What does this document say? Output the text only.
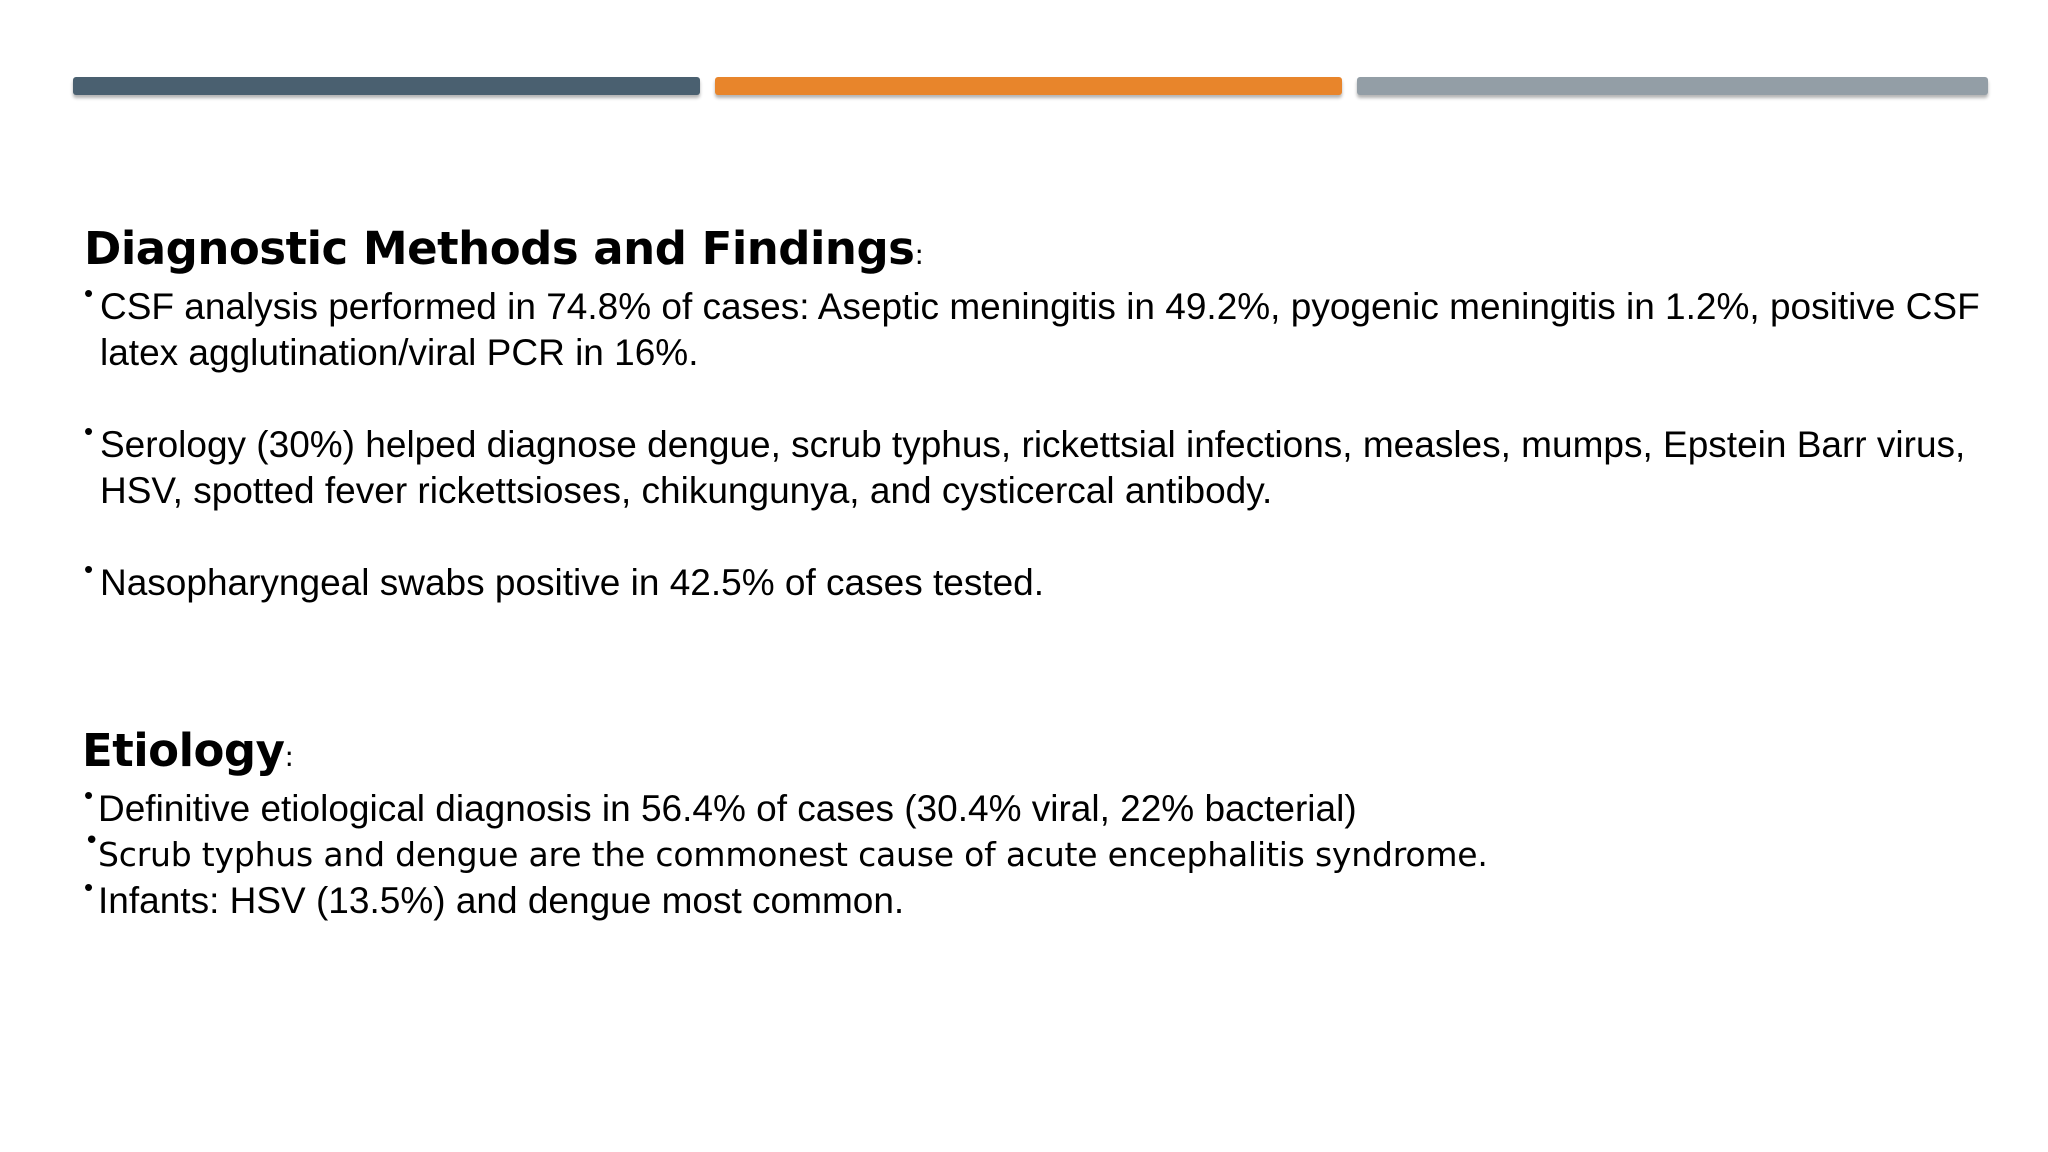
Diagnostic Methods and Findings:

• CSF analysis performed in 74.8% of cases: Aseptic meningitis in 49.2%, pyogenic meningitis in 1.2%, positive CSF latex agglutination/viral PCR in 16%.

• Serology (30%) helped diagnose dengue, scrub typhus, rickettsial infections, measles, mumps, Epstein Barr virus, HSV, spotted fever rickettsioses, chikungunya, and cysticercal antibody.

• Nasopharyngeal swabs positive in 42.5% of cases tested.

Etiology:

• Definitive etiological diagnosis in 56.4% of cases (30.4% viral, 22% bacterial)

•
Scrub typhus and dengue are the commonest cause of acute encephalitis syndrome.

• Infants: HSV (13.5%) and dengue most common.
